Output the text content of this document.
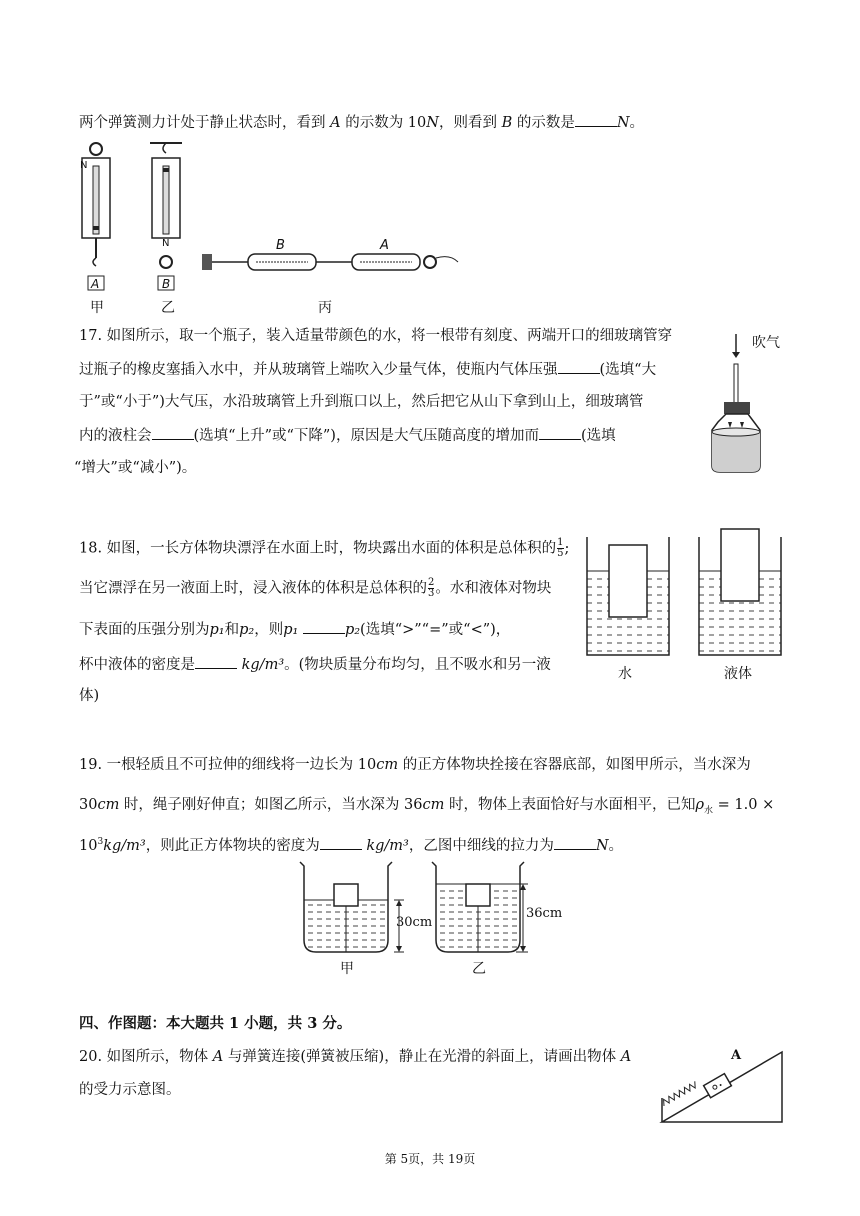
两个弹簧测力计处于静止状态时，看到 A 的示数为 10N，则看到 B 的示数是	N。
N
A
N
B
B	A
甲	乙	丙
17. 如图所示，取一个瓶子，装入适量带颜色的水，将一根带有刻度、两端开口的细玻璃管穿
过瓶子的橡皮塞插入水中，并从玻璃管上端吹入少量气体，使瓶内气体压强	(选填“大
于”或“小于”)大气压，水沿玻璃管上升到瓶口以上，然后把它从山下拿到山上，细玻璃管
内的液柱会	(选填“上升”或“下降”)，原因是大气压随高度的增加而	(选填
“增大”或“减小”)。
吹气
18. 如图，一长方体物块漂浮在水面上时，物块露出水面的体积是总体积的 $\frac{1}{5}$ ;
当它漂浮在另一液面上时，浸入液体的体积是总体积的 $\frac{2}{3}$ 。水和液体对物块
下表面的压强分别为p₁和p₂，则p₁	p₂(选填“>”“=”或“<”)，
杯中液体的密度是	kg/m³。(物块质量分布均匀，且不吸水和另一液
体)
水	液体
19. 一根轻质且不可拉伸的细线将一边长为 10cm 的正方体物块拴接在容器底部，如图甲所示，当水深为
30cm 时，绳子刚好伸直；如图乙所示，当水深为 36cm 时，物体上表面恰好与水面相平，已知$\rho_水 = 1.0$ ×
$10^3kg/m^3$，则此正方体物块的密度为	kg/m³，乙图中细线的拉力为	N。
30cm
36cm
甲	乙
四、作图题：本大题共 1 小题，共 3 分。
20. 如图所示，物体 A 与弹簧连接(弹簧被压缩)，静止在光滑的斜面上，请画出物体 A
的受力示意图。
A
第 5页，共 19页
